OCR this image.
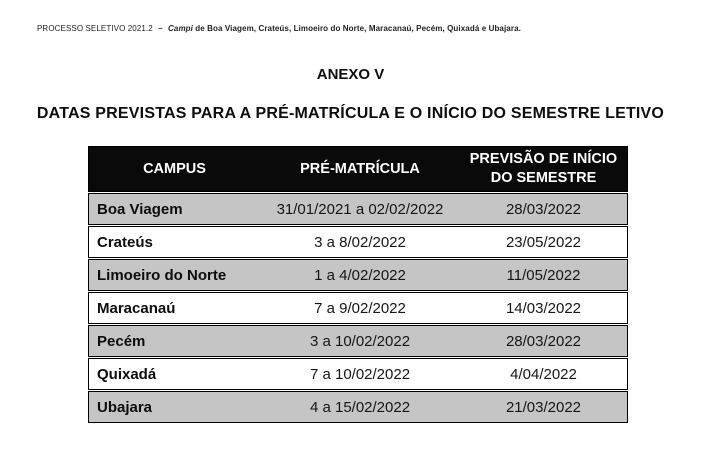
PROCESSO SELETIVO 2021.2 – Campi de Boa Viagem, Crateús, Limoeiro do Norte, Maracanaú, Pecém, Quixadá e Ubajara.
ANEXO V
DATAS PREVISTAS PARA A PRÉ-MATRÍCULA E O INÍCIO DO SEMESTRE LETIVO
CAMPUS	PRÉ-MATRÍCULA	PREVISÃO DE INÍCIO DO SEMESTRE
Boa Viagem	31/01/2021 a 02/02/2022	28/03/2022
Crateús	3 a 8/02/2022	23/05/2022
Limoeiro do Norte	1 a 4/02/2022	11/05/2022
Maracanaú	7 a 9/02/2022	14/03/2022
Pecém	3 a 10/02/2022	28/03/2022
Quixadá	7 a 10/02/2022	4/04/2022
Ubajara	4 a 15/02/2022	21/03/2022
